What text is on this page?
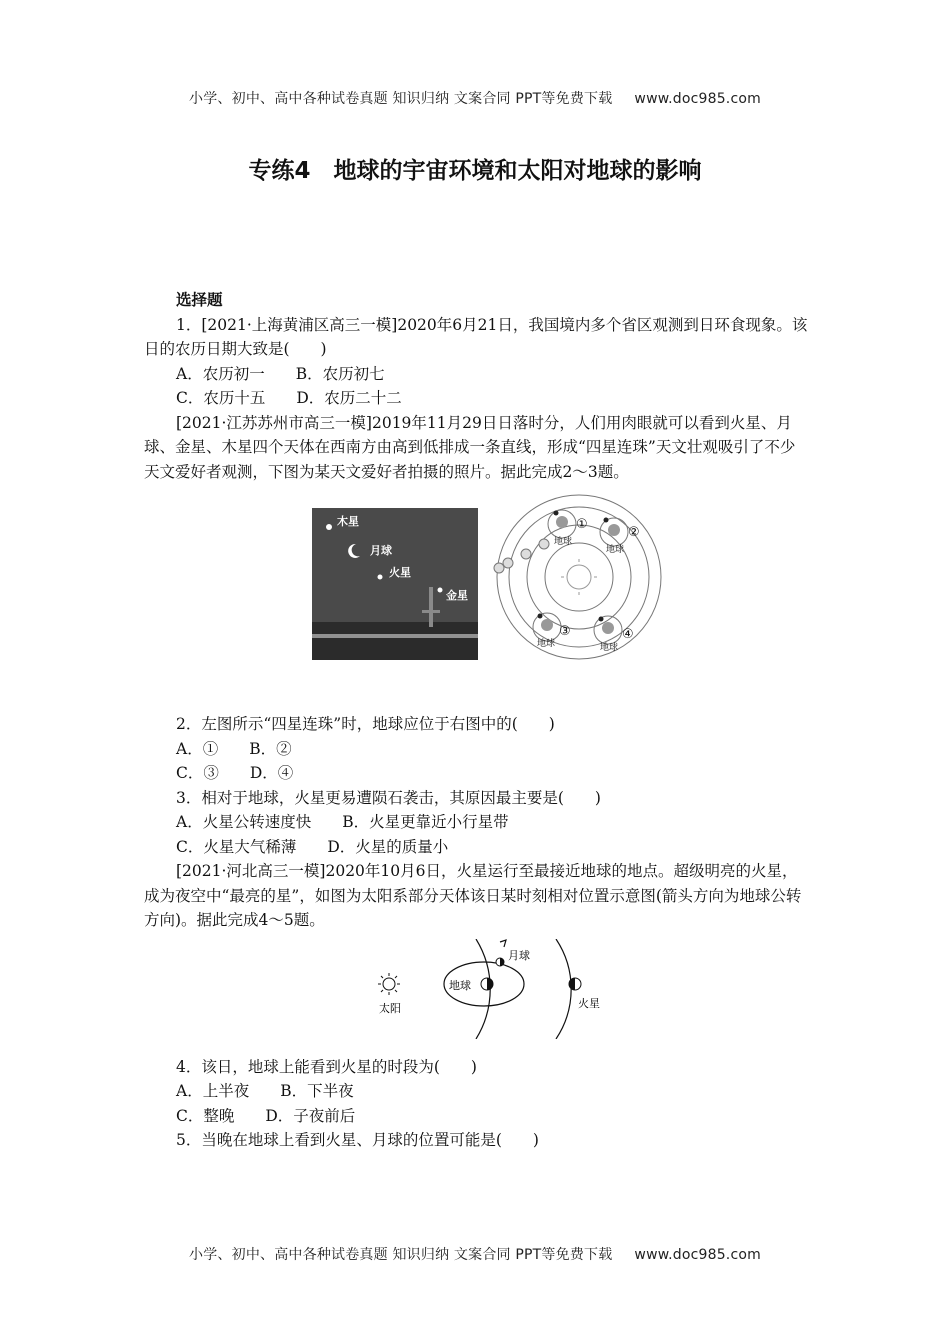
小学、初中、高中各种试卷真题 知识归纳 文案合同 PPT等免费下载 www.doc985.com
专练4　地球的宇宙环境和太阳对地球的影响

选择题

1．[2021·上海黄浦区高三一模]2020年6月21日，我国境内多个省区观测到日环食现象。该日的农历日期大致是(　　)

A．农历初一　　B．农历初七

C．农历十五　　D．农历二十二

[2021·江苏苏州市高三一模]2019年11月29日日落时分，人们用肉眼就可以看到火星、月球、金星、木星四个天体在西南方由高到低排成一条直线，形成“四星连珠”天文壮观吸引了不少天文爱好者观测，下图为某天文爱好者拍摄的照片。据此完成2～3题。

木星
月球
火星
金星
地球
地球
地球	地球
①
②
③	④

2．左图所示“四星连珠”时，地球应位于右图中的(　　)

A．①　　B．②

C．③　　D．④

3．相对于地球，火星更易遭陨石袭击，其原因最主要是(　　)

A．火星公转速度快　　B．火星更靠近小行星带

C．火星大气稀薄　　D．火星的质量小

[2021·河北高三一模]2020年10月6日，火星运行至最接近地球的地点。超级明亮的火星，成为夜空中“最亮的星”，如图为太阳系部分天体该日某时刻相对位置示意图(箭头方向为地球公转方向)。据此完成4～5题。

太阳
地球
月球
火星

4．该日，地球上能看到火星的时段为(　　)

A．上半夜　　B．下半夜

C．整晚　　D．子夜前后

5．当晚在地球上看到火星、月球的位置可能是(　　)

小学、初中、高中各种试卷真题 知识归纳 文案合同 PPT等免费下载 www.doc985.com
